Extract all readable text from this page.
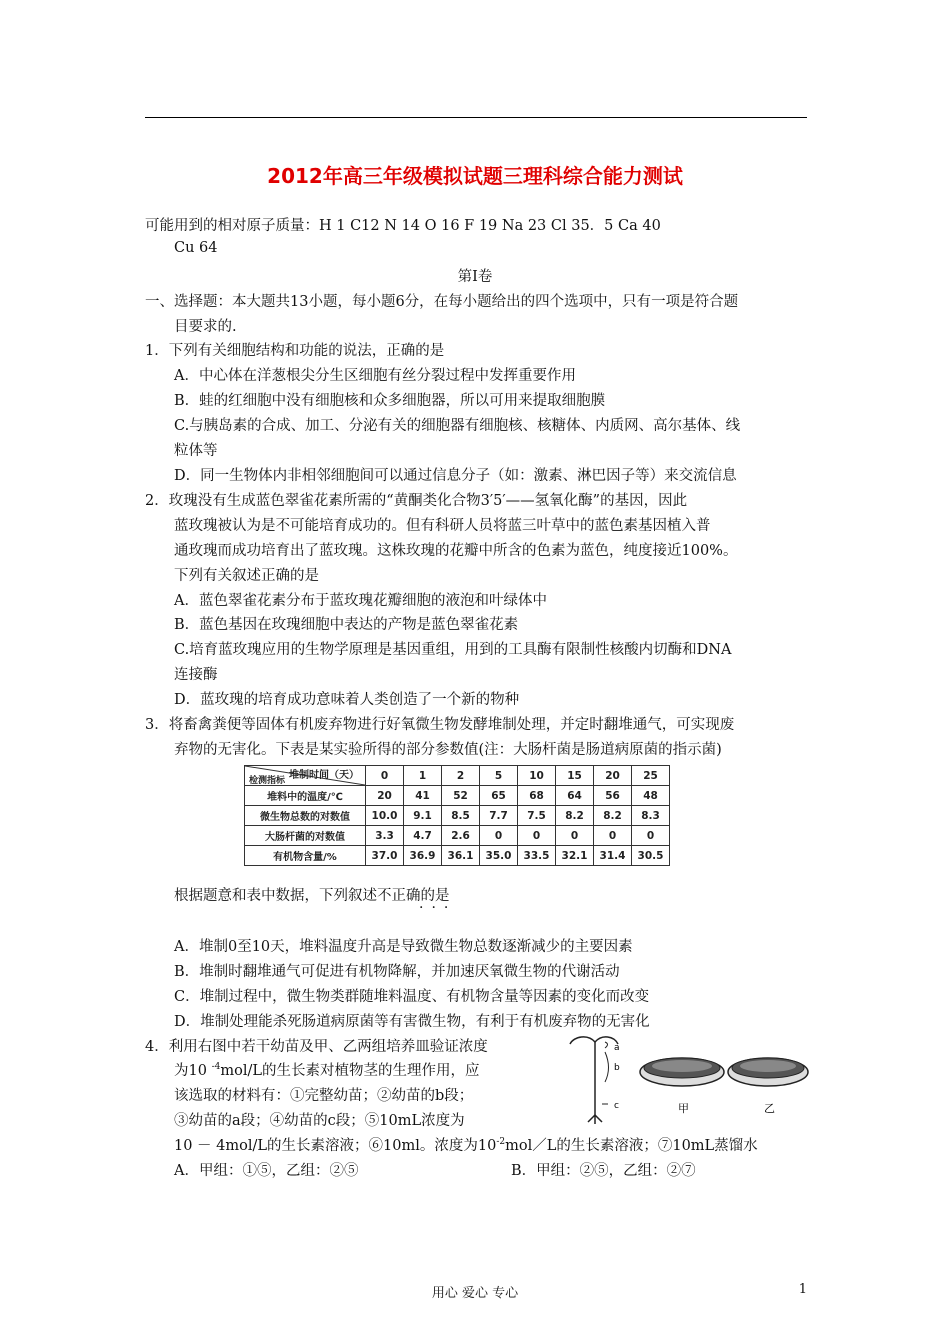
2012年高三年级模拟试题三理科综合能力测试
可能用到的相对原子质量：H 1 C12 N 14 O 16 F 19 Na 23 Cl 35．5 Ca 40
Cu 64
第Ⅰ卷
一、选择题：本大题共13小题，每小题6分，在每小题给出的四个选项中，只有一项是符合题
目要求的.
1．下列有关细胞结构和功能的说法，正确的是
A．中心体在洋葱根尖分生区细胞有丝分裂过程中发挥重要作用
B．蛙的红细胞中没有细胞核和众多细胞器，所以可用来提取细胞膜
C.与胰岛素的合成、加工、分泌有关的细胞器有细胞核、核糖体、内质网、高尔基体、线
粒体等
D．同一生物体内非相邻细胞间可以通过信息分子（如：激素、淋巴因子等）来交流信息
2．玫瑰没有生成蓝色翠雀花素所需的“黄酮类化合物3′5′——氢氧化酶”的基因，因此
蓝玫瑰被认为是不可能培育成功的。但有科研人员将蓝三叶草中的蓝色素基因植入普
通玫瑰而成功培育出了蓝玫瑰。这株玫瑰的花瓣中所含的色素为蓝色，纯度接近100%。
下列有关叙述正确的是
A．蓝色翠雀花素分布于蓝玫瑰花瓣细胞的液泡和叶绿体中
B．蓝色基因在玫瑰细胞中表达的产物是蓝色翠雀花素
C.培育蓝玫瑰应用的生物学原理是基因重组，用到的工具酶有限制性核酸内切酶和DNA
连接酶
D．蓝玫瑰的培育成功意味着人类创造了一个新的物种
3．将畜禽粪便等固体有机废弃物进行好氧微生物发酵堆制处理，并定时翻堆通气，可实现废
弃物的无害化。下表是某实验所得的部分参数值(注：大肠杆菌是肠道病原菌的指示菌)
堆制时间（天）
检测指标	0	1	2	5	10	15	20	25
堆料中的温度/℃	20	41	52	65	68	64	56	48
微生物总数的对数值	10.0	9.1	8.5	7.7	7.5	8.2	8.2	8.3
大肠杆菌的对数值	3.3	4.7	2.6	0	0	0	0	0
有机物含量/%	37.0	36.9	36.1	35.0	33.5	32.1	31.4	30.5
根据题意和表中数据，下列叙述不正确的是
···
A．堆制0至10天，堆料温度升高是导致微生物总数逐渐减少的主要因素
B．堆制时翻堆通气可促进有机物降解，并加速厌氧微生物的代谢活动
C．堆制过程中，微生物类群随堆料温度、有机物含量等因素的变化而改变
D．堆制处理能杀死肠道病原菌等有害微生物，有利于有机废弃物的无害化
4．利用右图中若干幼苗及甲、乙两组培养皿验证浓度
为10 $^{-4}$mol/L的生长素对植物茎的生理作用，应
该选取的材料有：①完整幼苗；②幼苗的b段；
③幼苗的a段；④幼苗的c段；⑤10mL浓度为
10 － 4mol/L的生长素溶液；⑥10ml。浓度为$10^{-2}mol/L$的生长素溶液；⑦10mL蒸馏水
A．甲组：①⑤，乙组：②⑤	B．甲组：②⑤，乙组：②⑦
a
b
c	甲	乙
用心 爱心 专心	1
